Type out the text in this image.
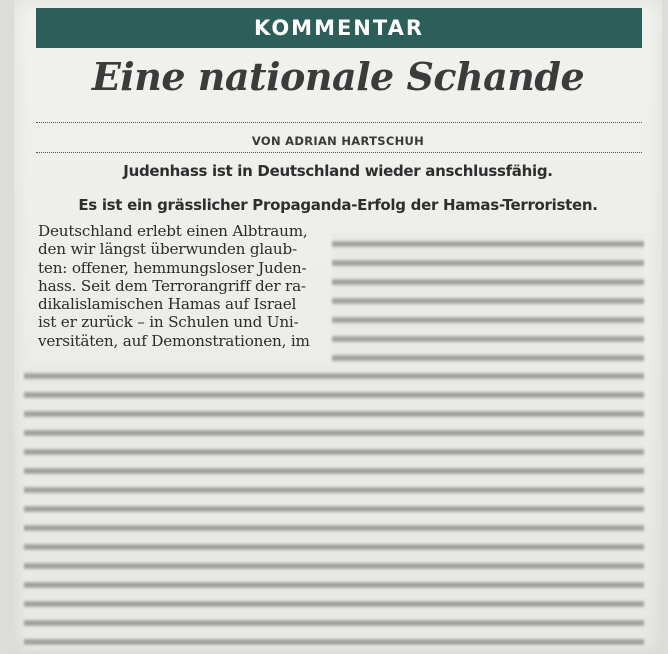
KOMMENTAR
Eine nationale Schande
VON ADRIAN HARTSCHUH
Judenhass ist in Deutschland wieder anschlussfähig.
Es ist ein grässlicher Propaganda-Erfolg der Hamas-Terroristen.
Deutschland erlebt einen Albtraum,
den wir längst überwunden glaub-
ten: offener, hemmungsloser Juden-
hass. Seit dem Terrorangriff der ra-
dikalislamischen Hamas auf Israel
ist er zurück – in Schulen und Uni-
versitäten, auf Demonstrationen, im
